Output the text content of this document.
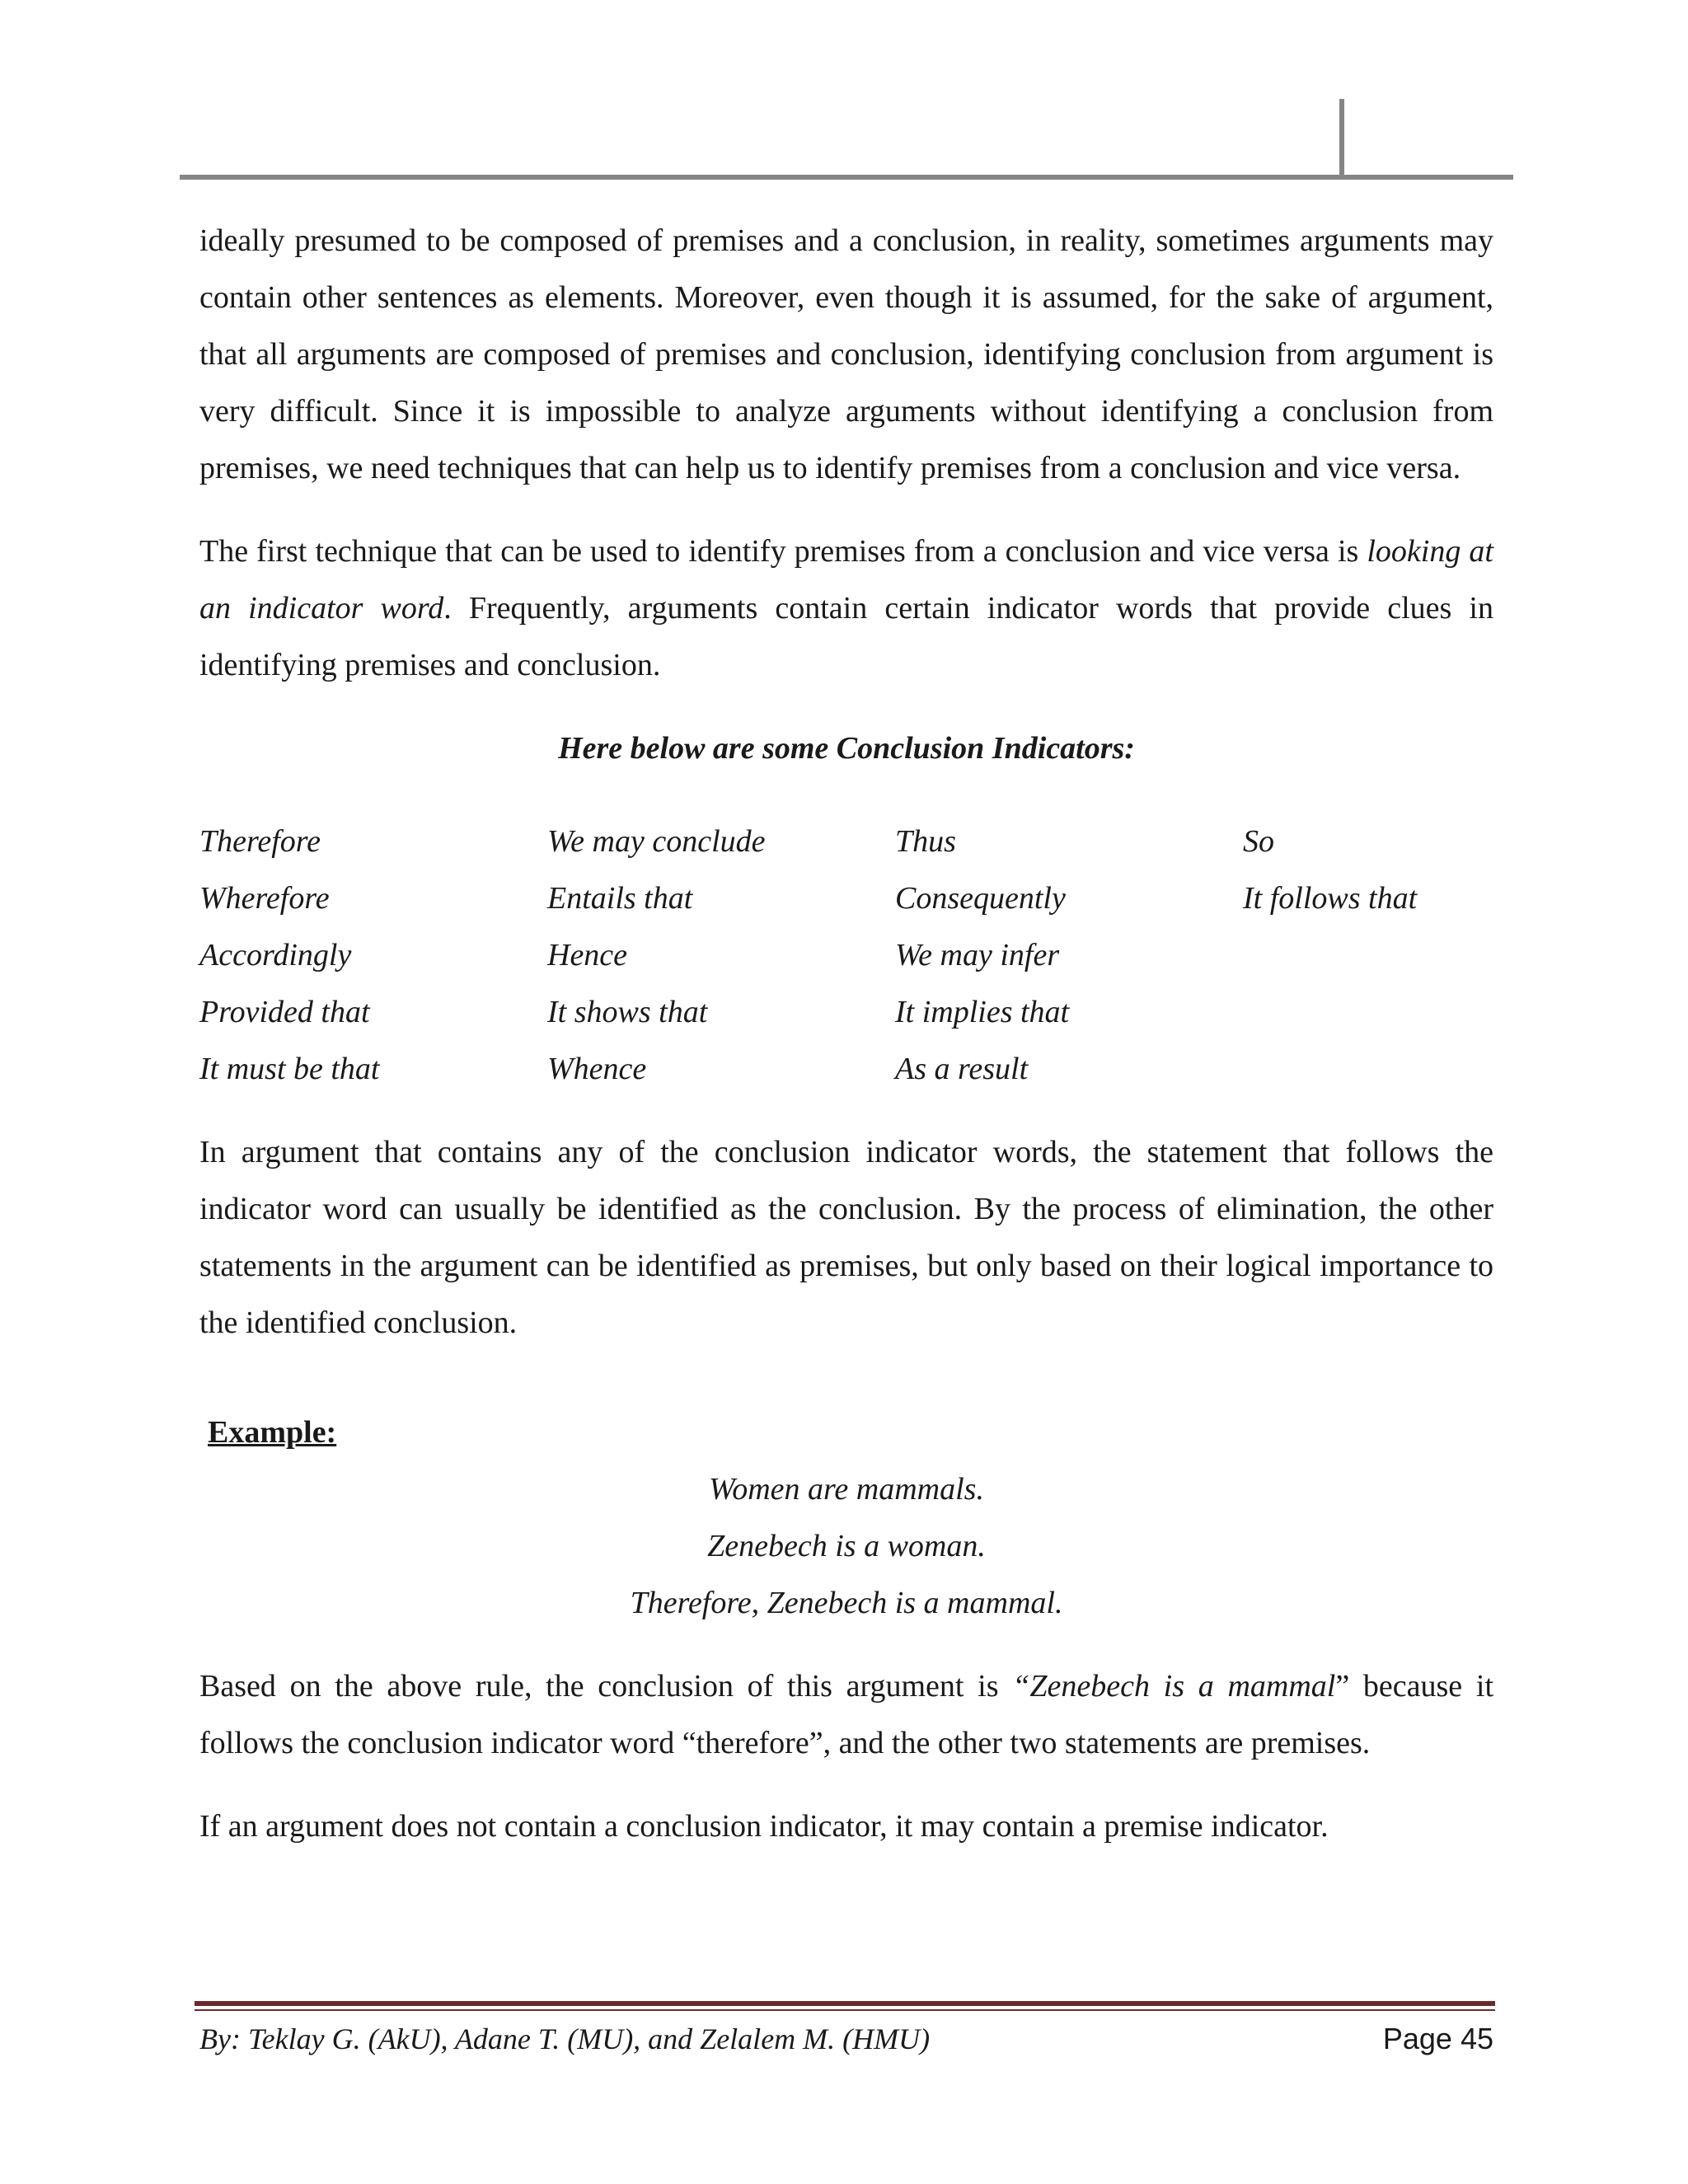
ideally presumed to be composed of premises and a conclusion, in reality, sometimes arguments may contain other sentences as elements. Moreover, even though it is assumed, for the sake of argument, that all arguments are composed of premises and conclusion, identifying conclusion from argument is very difficult. Since it is impossible to analyze arguments without identifying a conclusion from premises, we need techniques that can help us to identify premises from a conclusion and vice versa.

The first technique that can be used to identify premises from a conclusion and vice versa is looking at an indicator word. Frequently, arguments contain certain indicator words that provide clues in identifying premises and conclusion.

Here below are some Conclusion Indicators:

Therefore	We may conclude	Thus	So
Wherefore	Entails that	Consequently	It follows that
Accordingly	Hence	We may infer
Provided that	It shows that	It implies that
It must be that	Whence	As a result

In argument that contains any of the conclusion indicator words, the statement that follows the indicator word can usually be identified as the conclusion. By the process of elimination, the other statements in the argument can be identified as premises, but only based on their logical importance to the identified conclusion.

Example:

Women are mammals.

Zenebech is a woman.

Therefore, Zenebech is a mammal.

Based on the above rule, the conclusion of this argument is “Zenebech is a mammal” because it follows the conclusion indicator word “therefore”, and the other two statements are premises.

If an argument does not contain a conclusion indicator, it may contain a premise indicator.

By: Teklay G. (AkU), Adane T. (MU), and Zelalem M. (HMU)	Page 45
